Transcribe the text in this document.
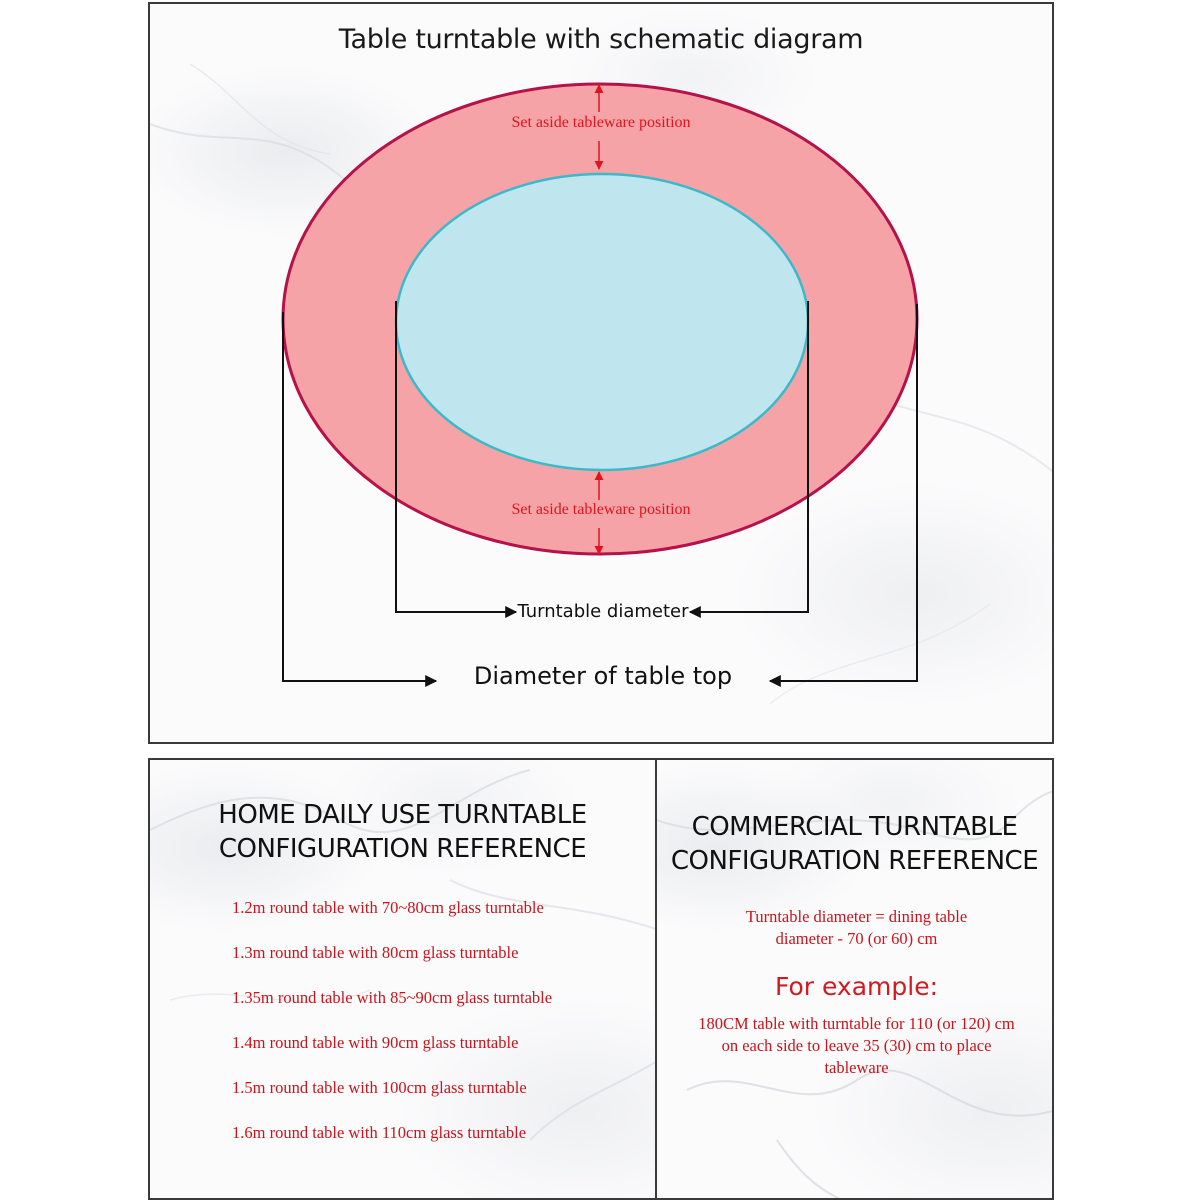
Table turntable with schematic diagram
Set aside tableware position
Set aside tableware position
Turntable diameter
Diameter of table top
HOME DAILY USE TURNTABLE
CONFIGURATION REFERENCE
1.2m round table with 70~80cm glass turntable
1.3m round table with 80cm glass turntable
1.35m round table with 85~90cm glass turntable
1.4m round table with 90cm glass turntable
1.5m round table with 100cm glass turntable
1.6m round table with 110cm glass turntable
COMMERCIAL TURNTABLE
CONFIGURATION REFERENCE
Turntable diameter = dining table
diameter - 70 (or 60) cm
For example:
180CM table with turntable for 110 (or 120) cm
on each side to leave 35 (30) cm to place
tableware
